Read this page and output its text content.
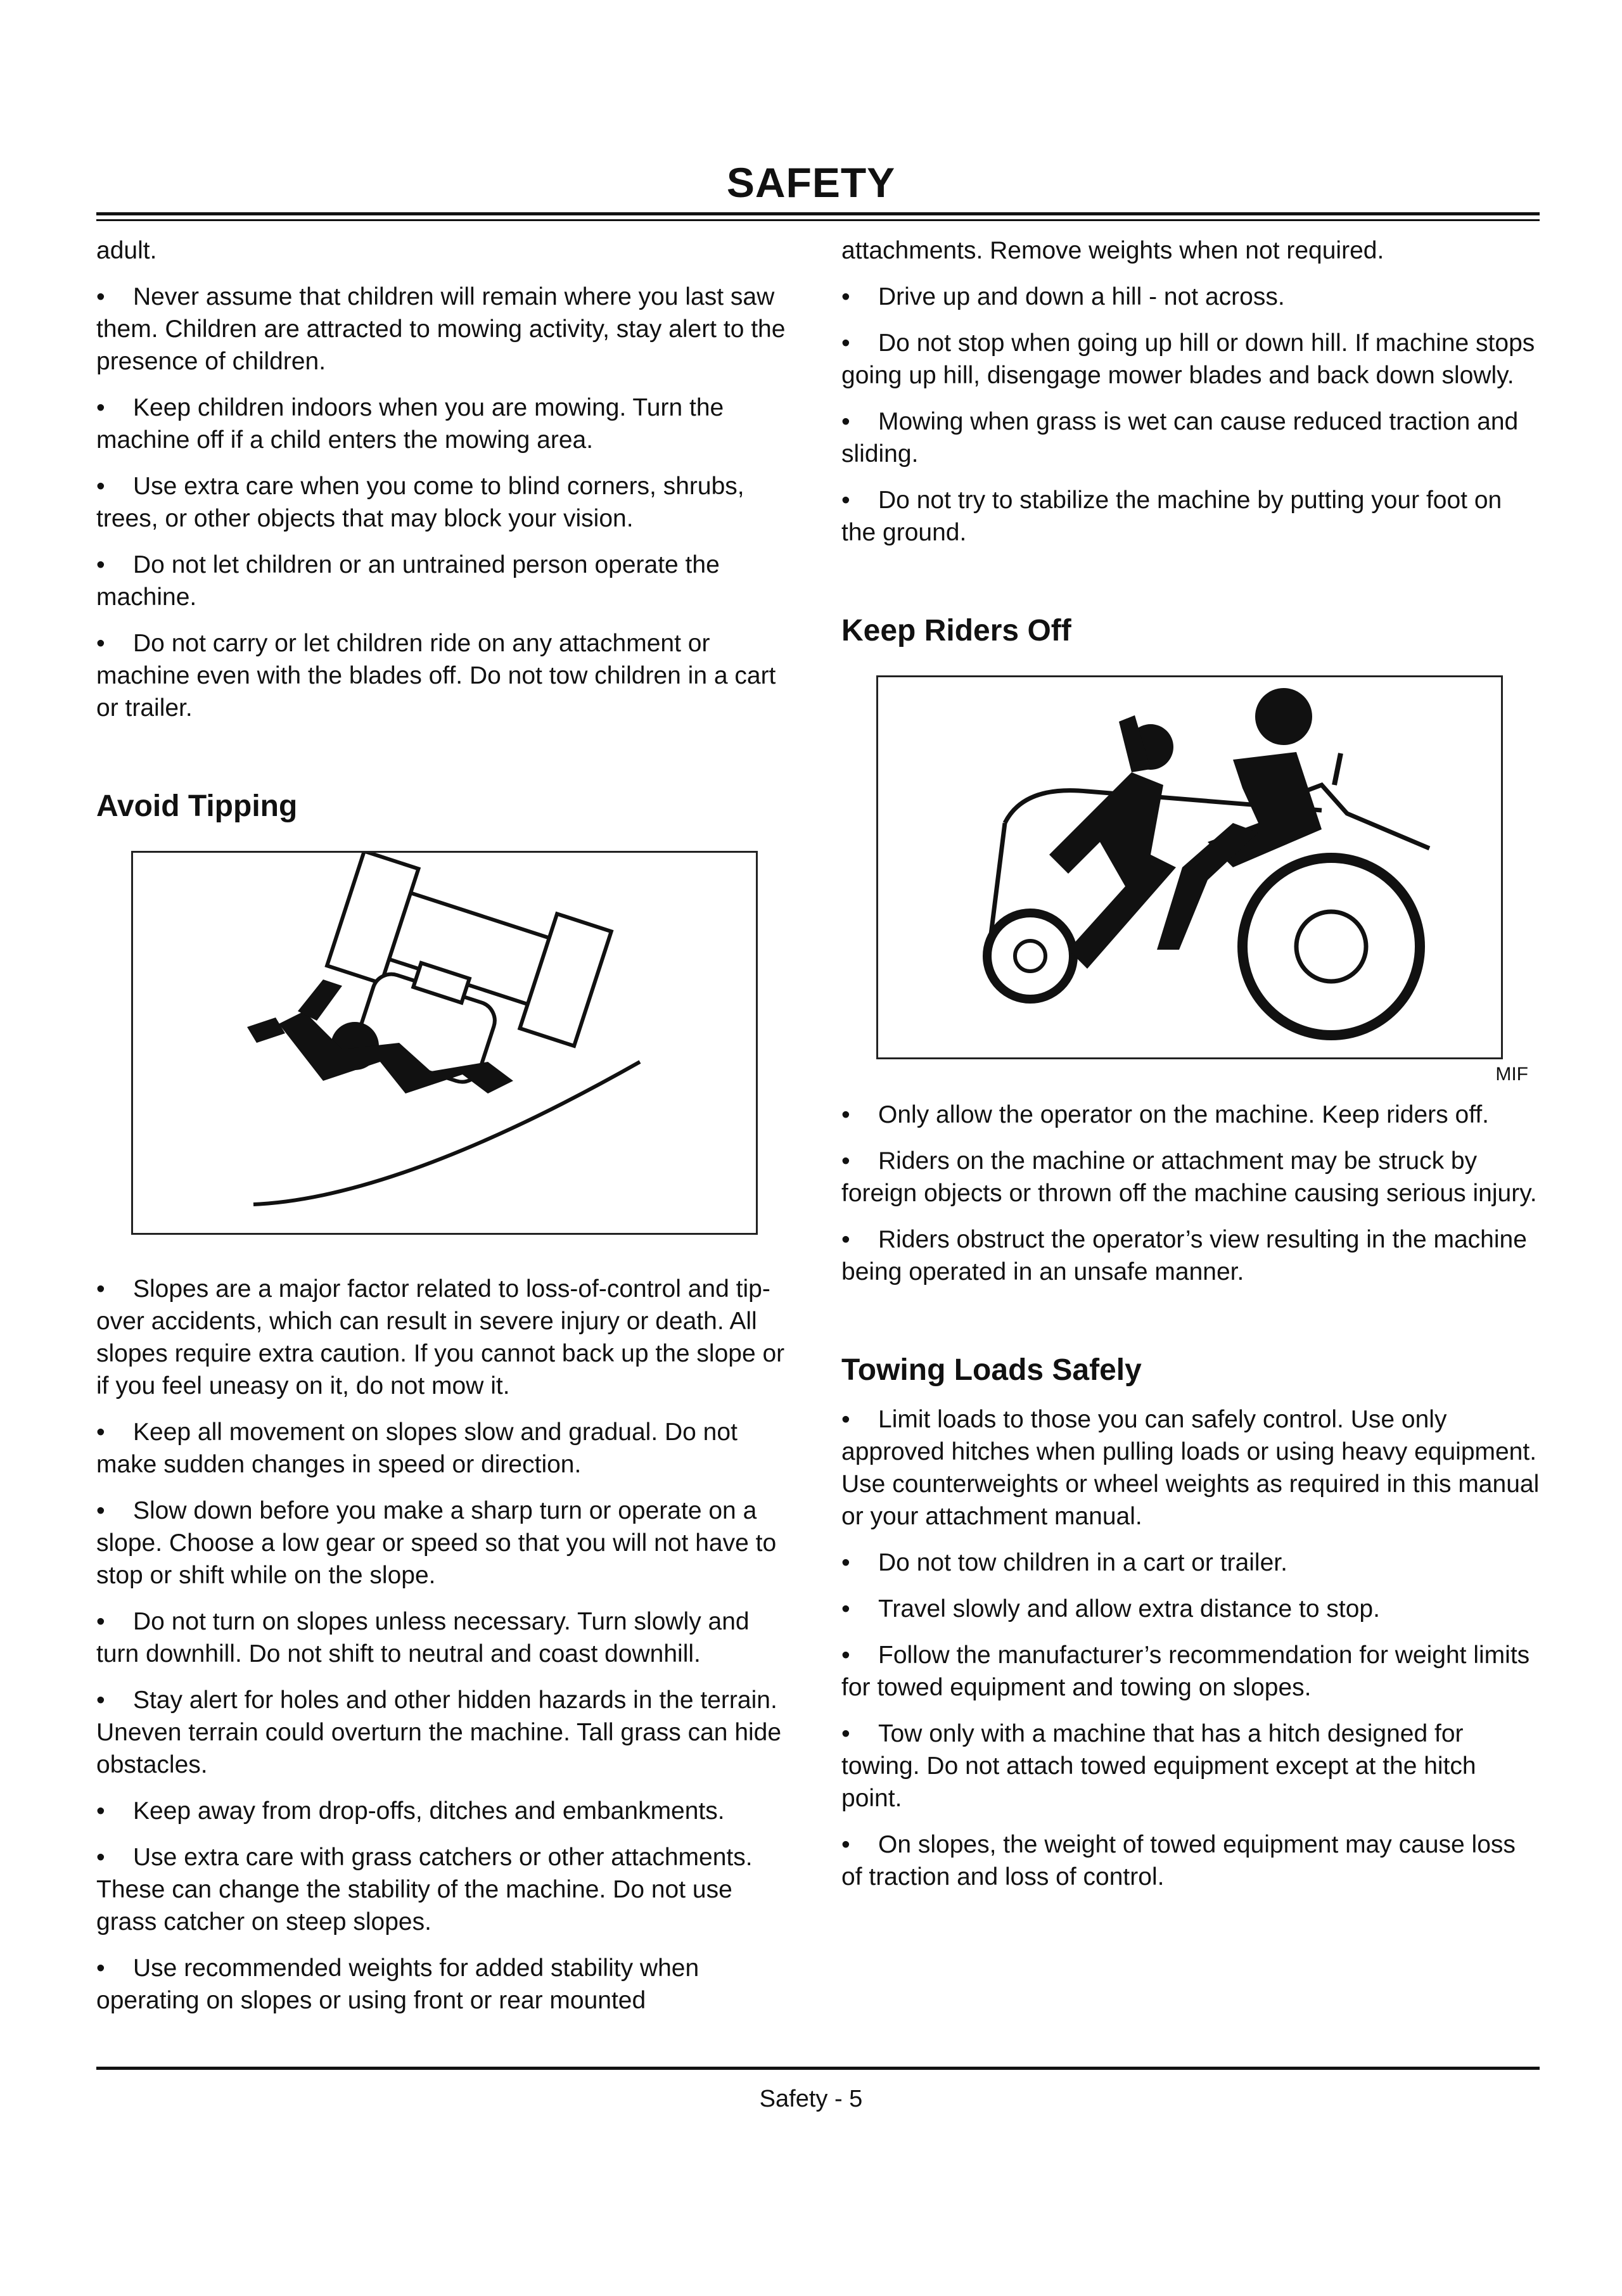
SAFETY

adult.

• Never assume that children will remain where you last saw them. Children are attracted to mowing activity, stay alert to the presence of children.

• Keep children indoors when you are mowing. Turn the machine off if a child enters the mowing area.

• Use extra care when you come to blind corners, shrubs, trees, or other objects that may block your vision.

• Do not let children or an untrained person operate the machine.

• Do not carry or let children ride on any attachment or machine even with the blades off. Do not tow children in a cart or trailer.

Avoid Tipping

• Slopes are a major factor related to loss-of-control and tip-over accidents, which can result in severe injury or death. All slopes require extra caution. If you cannot back up the slope or if you feel uneasy on it, do not mow it.

• Keep all movement on slopes slow and gradual. Do not make sudden changes in speed or direction.

• Slow down before you make a sharp turn or operate on a slope. Choose a low gear or speed so that you will not have to stop or shift while on the slope.

• Do not turn on slopes unless necessary. Turn slowly and turn downhill. Do not shift to neutral and coast downhill.

• Stay alert for holes and other hidden hazards in the terrain. Uneven terrain could overturn the machine. Tall grass can hide obstacles.

• Keep away from drop-offs, ditches and embankments.

• Use extra care with grass catchers or other attachments. These can change the stability of the machine. Do not use grass catcher on steep slopes.

• Use recommended weights for added stability when operating on slopes or using front or rear mounted

attachments. Remove weights when not required.

• Drive up and down a hill - not across.

• Do not stop when going up hill or down hill. If machine stops going up hill, disengage mower blades and back down slowly.

• Mowing when grass is wet can cause reduced traction and sliding.

• Do not try to stabilize the machine by putting your foot on the ground.

Keep Riders Off

MIF

• Only allow the operator on the machine. Keep riders off.

• Riders on the machine or attachment may be struck by foreign objects or thrown off the machine causing serious injury.

• Riders obstruct the operator’s view resulting in the machine being operated in an unsafe manner.

Towing Loads Safely

• Limit loads to those you can safely control. Use only approved hitches when pulling loads or using heavy equipment. Use counterweights or wheel weights as required in this manual or your attachment manual.

• Do not tow children in a cart or trailer.

• Travel slowly and allow extra distance to stop.

• Follow the manufacturer’s recommendation for weight limits for towed equipment and towing on slopes.

• Tow only with a machine that has a hitch designed for towing. Do not attach towed equipment except at the hitch point.

• On slopes, the weight of towed equipment may cause loss of traction and loss of control.

Safety - 5
